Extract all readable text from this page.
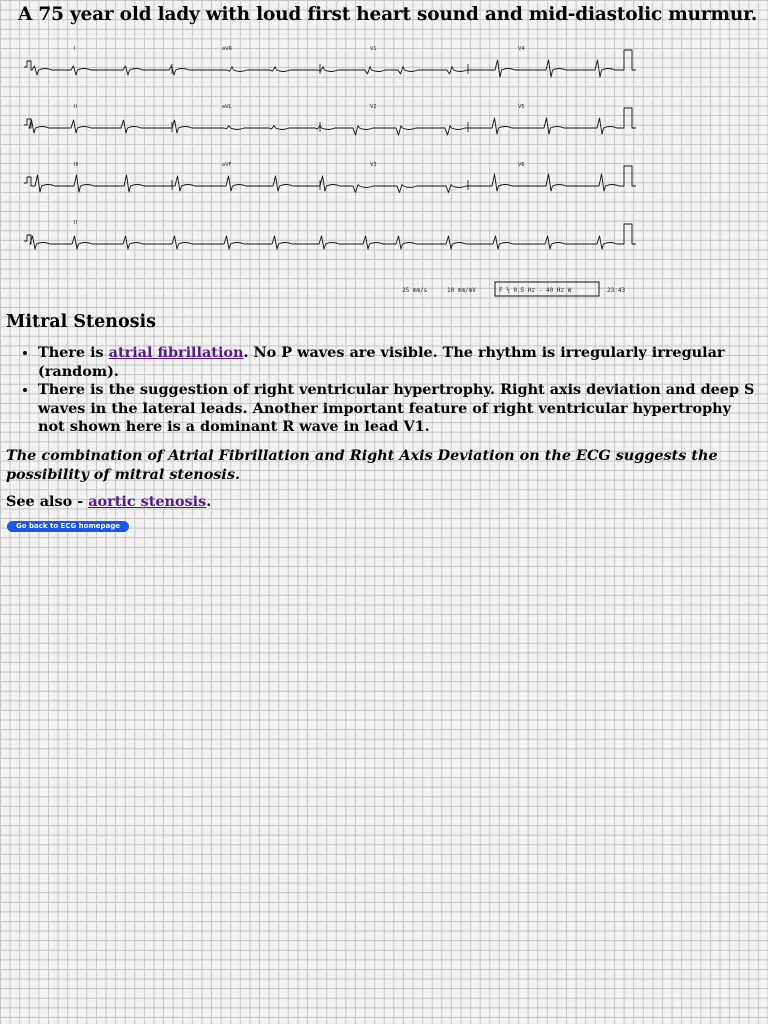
A 75 year old lady with loud first heart sound and mid-diastolic murmur.
I	aVR	V1	V4
II	aVL	V2	V5
III	aVF	V3	V6
II
25 mm/s	10 mm/mV	F ½ 0.5 Hz - 40 Hz W	23:43
Mitral Stenosis
• There is atrial fibrillation. No P waves are visible. The rhythm is irregularly irregular (random).
• There is the suggestion of right ventricular hypertrophy. Right axis deviation and deep S waves in the lateral leads. Another important feature of right ventricular hypertrophy not shown here is a dominant R wave in lead V1.

The combination of Atrial Fibrillation and Right Axis Deviation on the ECG suggests the possibility of mitral stenosis.

See also - aortic stenosis.

Go back to ECG homepage
